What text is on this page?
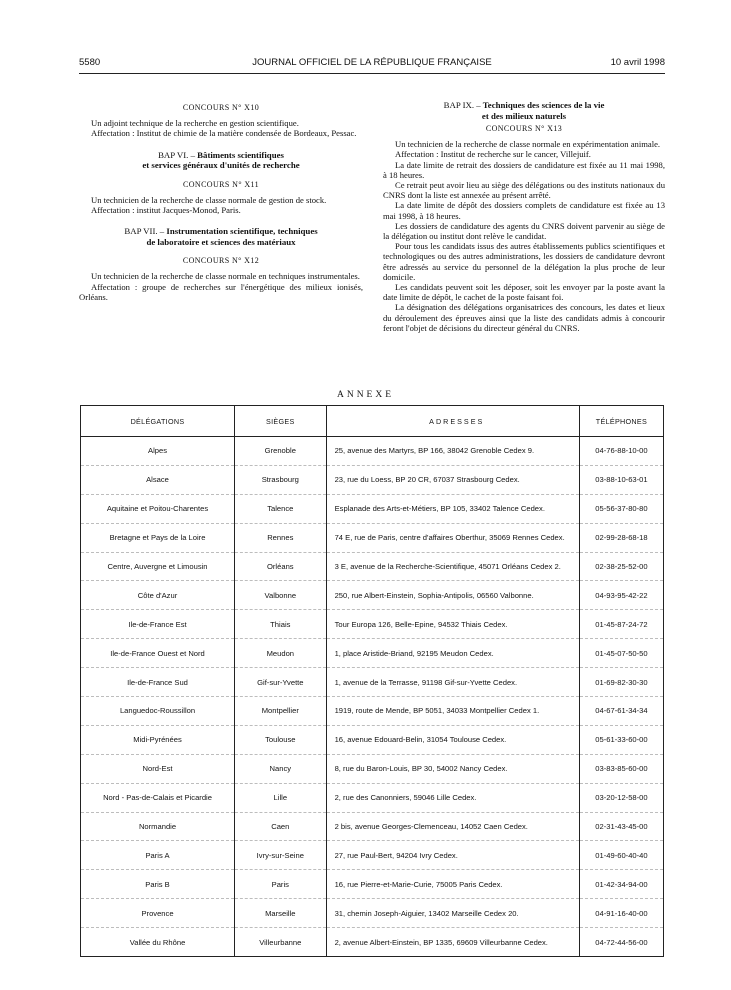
5580	JOURNAL OFFICIEL DE LA RÉPUBLIQUE FRANÇAISE	10 avril 1998
CONCOURS N° X10

Un adjoint technique de la recherche en gestion scientifique.

Affectation : Institut de chimie de la matière condensée de Bordeaux, Pessac.

BAP VI. – Bâtiments scientifiques
et services généraux d'unités de recherche
CONCOURS N° X11

Un technicien de la recherche de classe normale de gestion de stock.

Affectation : institut Jacques-Monod, Paris.

BAP VII. – Instrumentation scientifique, techniques
de laboratoire et sciences des matériaux
CONCOURS N° X12

Un technicien de la recherche de classe normale en techniques instrumentales.

Affectation : groupe de recherches sur l'énergétique des milieux ionisés, Orléans.

BAP IX. – Techniques des sciences de la vie
et des milieux naturels
CONCOURS N° X13

Un technicien de la recherche de classe normale en expérimentation animale.

Affectation : Institut de recherche sur le cancer, Villejuif.

La date limite de retrait des dossiers de candidature est fixée au 11 mai 1998, à 18 heures.

Ce retrait peut avoir lieu au siège des délégations ou des instituts nationaux du CNRS dont la liste est annexée au présent arrêté.

La date limite de dépôt des dossiers complets de candidature est fixée au 13 mai 1998, à 18 heures.

Les dossiers de candidature des agents du CNRS doivent parvenir au siège de la délégation ou institut dont relève le candidat.

Pour tous les candidats issus des autres établissements publics scientifiques et technologiques ou des autres administrations, les dossiers de candidature devront être adressés au service du personnel de la délégation la plus proche de leur domicile.

Les candidats peuvent soit les déposer, soit les envoyer par la poste avant la date limite de dépôt, le cachet de la poste faisant foi.

La désignation des délégations organisatrices des concours, les dates et lieux du déroulement des épreuves ainsi que la liste des candidats admis à concourir feront l'objet de décisions du directeur général du CNRS.

ANNEXE
DÉLÉGATIONS	SIÈGES	ADRESSES	TÉLÉPHONES
Alpes	Grenoble	25, avenue des Martyrs, BP 166, 38042 Grenoble Cedex 9.	04-76-88-10-00
Alsace	Strasbourg	23, rue du Loess, BP 20 CR, 67037 Strasbourg Cedex.	03-88-10-63-01
Aquitaine et Poitou-Charentes	Talence	Esplanade des Arts-et-Métiers, BP 105, 33402 Talence Cedex.	05-56-37-80-80
Bretagne et Pays de la Loire	Rennes	74 E, rue de Paris, centre d'affaires Oberthur, 35069 Rennes Cedex.	02-99-28-68-18
Centre, Auvergne et Limousin	Orléans	3 E, avenue de la Recherche-Scientifique, 45071 Orléans Cedex 2.	02-38-25-52-00
Côte d'Azur	Valbonne	250, rue Albert-Einstein, Sophia-Antipolis, 06560 Valbonne.	04-93-95-42-22
Ile-de-France Est	Thiais	Tour Europa 126, Belle-Epine, 94532 Thiais Cedex.	01-45-87-24-72
Ile-de-France Ouest et Nord	Meudon	1, place Aristide-Briand, 92195 Meudon Cedex.	01-45-07-50-50
Ile-de-France Sud	Gif-sur-Yvette	1, avenue de la Terrasse, 91198 Gif-sur-Yvette Cedex.	01-69-82-30-30
Languedoc-Roussillon	Montpellier	1919, route de Mende, BP 5051, 34033 Montpellier Cedex 1.	04-67-61-34-34
Midi-Pyrénées	Toulouse	16, avenue Edouard-Belin, 31054 Toulouse Cedex.	05-61-33-60-00
Nord-Est	Nancy	8, rue du Baron-Louis, BP 30, 54002 Nancy Cedex.	03-83-85-60-00
Nord - Pas-de-Calais et Picardie	Lille	2, rue des Canonniers, 59046 Lille Cedex.	03-20-12-58-00
Normandie	Caen	2 bis, avenue Georges-Clemenceau, 14052 Caen Cedex.	02-31-43-45-00
Paris A	Ivry-sur-Seine	27, rue Paul-Bert, 94204 Ivry Cedex.	01-49-60-40-40
Paris B	Paris	16, rue Pierre-et-Marie-Curie, 75005 Paris Cedex.	01-42-34-94-00
Provence	Marseille	31, chemin Joseph-Aiguier, 13402 Marseille Cedex 20.	04-91-16-40-00
Vallée du Rhône	Villeurbanne	2, avenue Albert-Einstein, BP 1335, 69609 Villeurbanne Cedex.	04-72-44-56-00
